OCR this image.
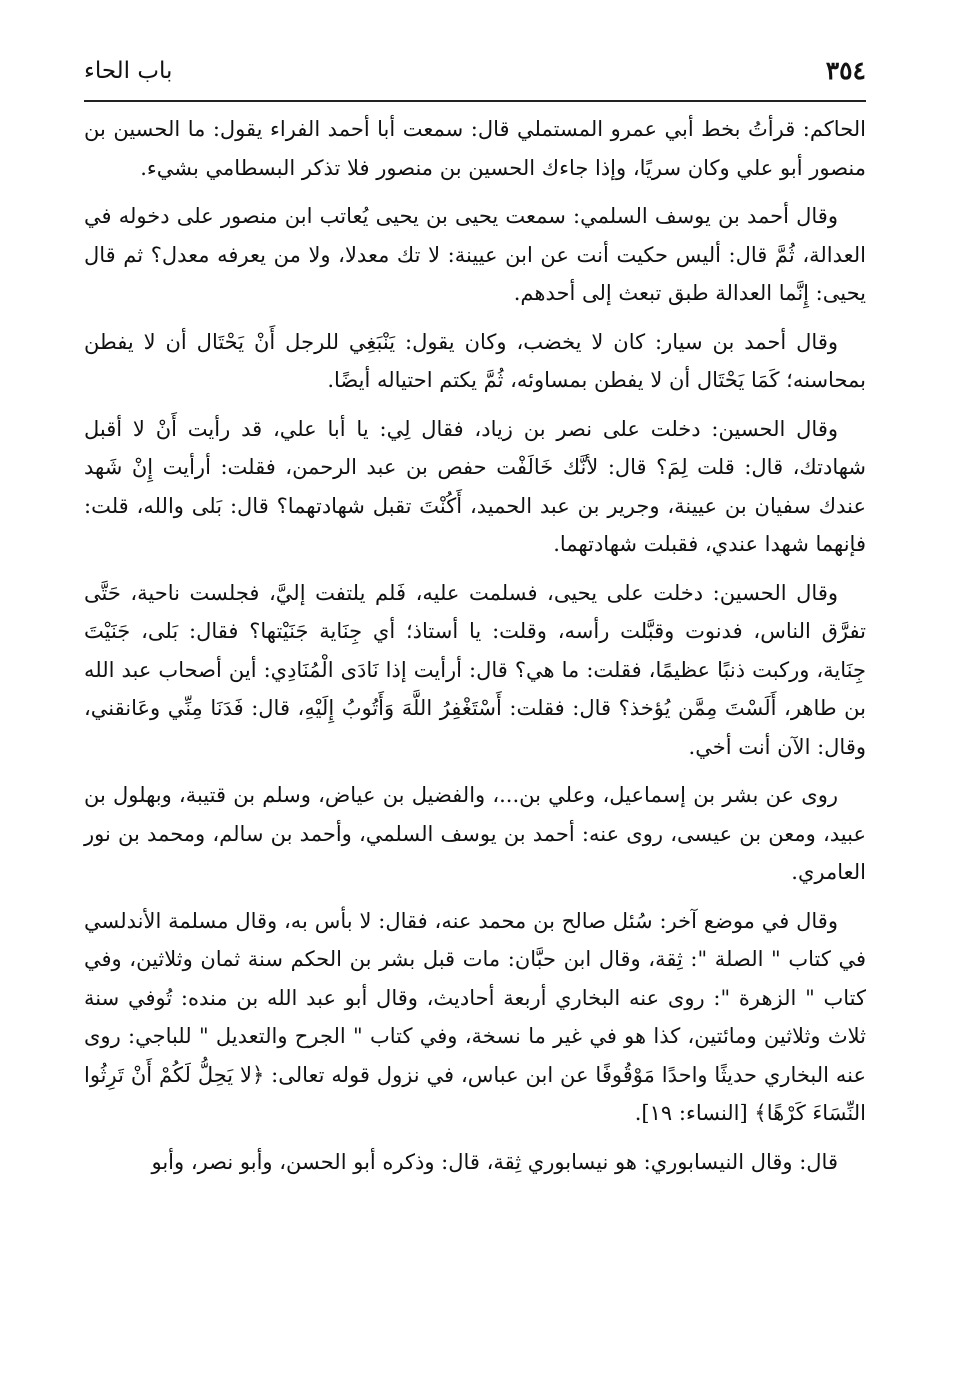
٣٥٤
باب الحاء

الحاكم: قرأتُ بخط أبي عمرو المستملي قال: سمعت أبا أحمد الفراء يقول: ما الحسين بن منصور أبو علي وكان سريًا، وإذا جاءك الحسين بن منصور فلا تذكر البسطامي بشيء.

وقال أحمد بن يوسف السلمي: سمعت يحيى بن يحيى يُعاتب ابن منصور على دخوله في العدالة، ثُمَّ قال: أليس حكيت أنت عن ابن عيينة: لا تك معدلا، ولا من يعرفه معدل؟ ثم قال يحيى: إِنَّما العدالة طبق تبعث إلى أحدهم.

وقال أحمد بن سيار: كان لا يخضب، وكان يقول: يَنْبَغِي للرجل أَنْ يَحْتَال أن لا يفطن بمحاسنه؛ كَمَا يَحْتَال أن لا يفطن بمساوئه، ثُمَّ يكتم احتياله أيضًا.

وقال الحسين: دخلت على نصر بن زياد، فقال لِي: يا أبا علي، قد رأيت أَنْ لا أقبل شهادتك، قال: قلت لِمَ؟ قال: لأنَّك خَالَفْت حفص بن عبد الرحمن، فقلت: أرأيت إِنْ شَهد عندك سفيان بن عيينة، وجرير بن عبد الحميد، أَكُنْتَ تقبل شهادتهما؟ قال: بَلى والله، قلت: فإنهما شهدا عندي، فقبلت شهادتهما.

وقال الحسين: دخلت على يحيى، فسلمت عليه، فَلم يلتفت إليَّ، فجلست ناحية، حَتَّى تفرَّق الناس، فدنوت وقبَّلت رأسه، وقلت: يا أستاذ؛ أي جِنَاية جَنَيْتها؟ فقال: بَلى، جَنَيْتَ جِنَاية، وركبت ذنبًا عظيمًا، فقلت: ما هي؟ قال: أرأيت إذا نَادَى الْمُنَادِي: أين أصحاب عبد الله بن طاهر، أَلَسْتَ مِمَّن يُؤخذ؟ قال: فقلت: أَسْتَغْفِرُ اللَّهَ وَأَتُوبُ إِلَيْهِ، قال: فَدَنَا مِنِّي وعَانقني، وقال: الآن أنت أخي.

روى عن بشر بن إسماعيل، وعلي بن...، والفضيل بن عياض، وسلم بن قتيبة، وبهلول بن عبيد، ومعن بن عيسى، روى عنه: أحمد بن يوسف السلمي، وأحمد بن سالم، ومحمد بن نور العامري.

وقال في موضع آخر: سُئل صالح بن محمد عنه، فقال: لا بأس به، وقال مسلمة الأندلسي في كتاب " الصلة ": ثِقة، وقال ابن حبَّان: مات قبل بشر بن الحكم سنة ثمان وثلاثين، وفي كتاب " الزهرة ": روى عنه البخاري أربعة أحاديث، وقال أبو عبد الله بن منده: تُوفي سنة ثلاث وثلاثين ومائتين، كذا هو في غير ما نسخة، وفي كتاب " الجرح والتعديل " للباجي: روى عنه البخاري حديثًا واحدًا مَوْقُوفًا عن ابن عباس، في نزول قوله تعالى: ﴿لا يَحِلُّ لَكُمْ أَنْ تَرِثُوا النِّسَاءَ كَرْهًا﴾ [النساء: ١٩].

قال: وقال النيسابوري: هو نيسابوري ثِقة، قال: وذكره أبو الحسن، وأبو نصر، وأبو
